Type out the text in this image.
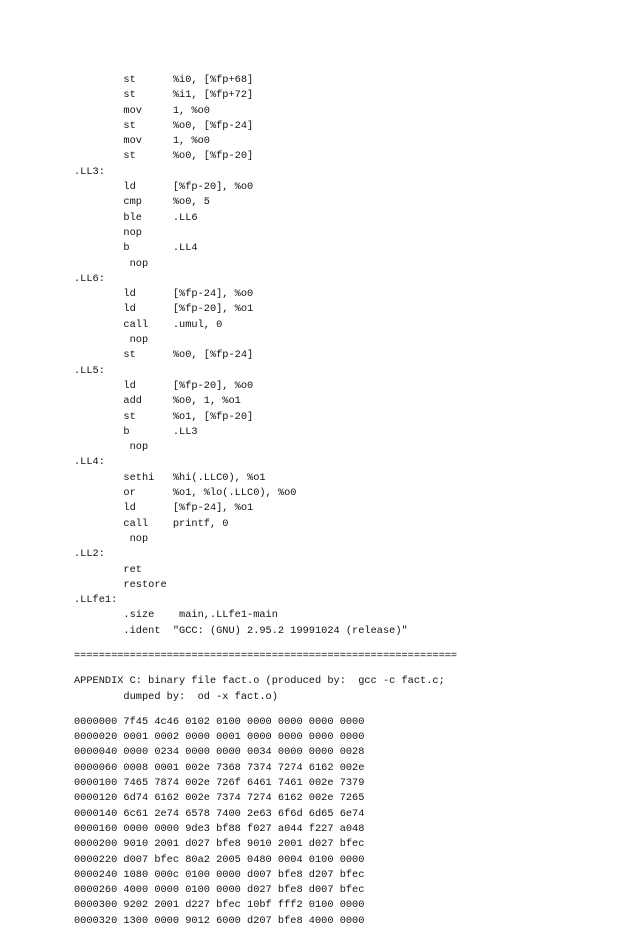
st      %i0, [%fp+68]
st      %i1, [%fp+72]
mov     1, %o0
st      %o0, [%fp-24]
mov     1, %o0
st      %o0, [%fp-20]
.LL3:
ld      [%fp-20], %o0
cmp     %o0, 5
ble     .LL6
nop
b       .LL4
nop
.LL6:
ld      [%fp-24], %o0
ld      [%fp-20], %o1
call    .umul, 0
nop
st      %o0, [%fp-24]
.LL5:
ld      [%fp-20], %o0
add     %o0, 1, %o1
st      %o1, [%fp-20]
b       .LL3
nop
.LL4:
sethi   %hi(.LLC0), %o1
or      %o1, %lo(.LLC0), %o0
ld      [%fp-24], %o1
call    printf, 0
nop
.LL2:
ret
restore
.LLfe1:
.size    main,.LLfe1-main
.ident  "GCC: (GNU) 2.95.2 19991024 (release)"
==============================================================
APPENDIX C: binary file fact.o (produced by:  gcc -c fact.c;
dumped by:  od -x fact.o)
0000000 7f45 4c46 0102 0100 0000 0000 0000 0000
0000020 0001 0002 0000 0001 0000 0000 0000 0000
0000040 0000 0234 0000 0000 0034 0000 0000 0028
0000060 0008 0001 002e 7368 7374 7274 6162 002e
0000100 7465 7874 002e 726f 6461 7461 002e 7379
0000120 6d74 6162 002e 7374 7274 6162 002e 7265
0000140 6c61 2e74 6578 7400 2e63 6f6d 6d65 6e74
0000160 0000 0000 9de3 bf88 f027 a044 f227 a048
0000200 9010 2001 d027 bfe8 9010 2001 d027 bfec
0000220 d007 bfec 80a2 2005 0480 0004 0100 0000
0000240 1080 000c 0100 0000 d007 bfe8 d207 bfec
0000260 4000 0000 0100 0000 d027 bfe8 d007 bfec
0000300 9202 2001 d227 bfec 10bf fff2 0100 0000
0000320 1300 0000 9012 6000 d207 bfe8 4000 0000
